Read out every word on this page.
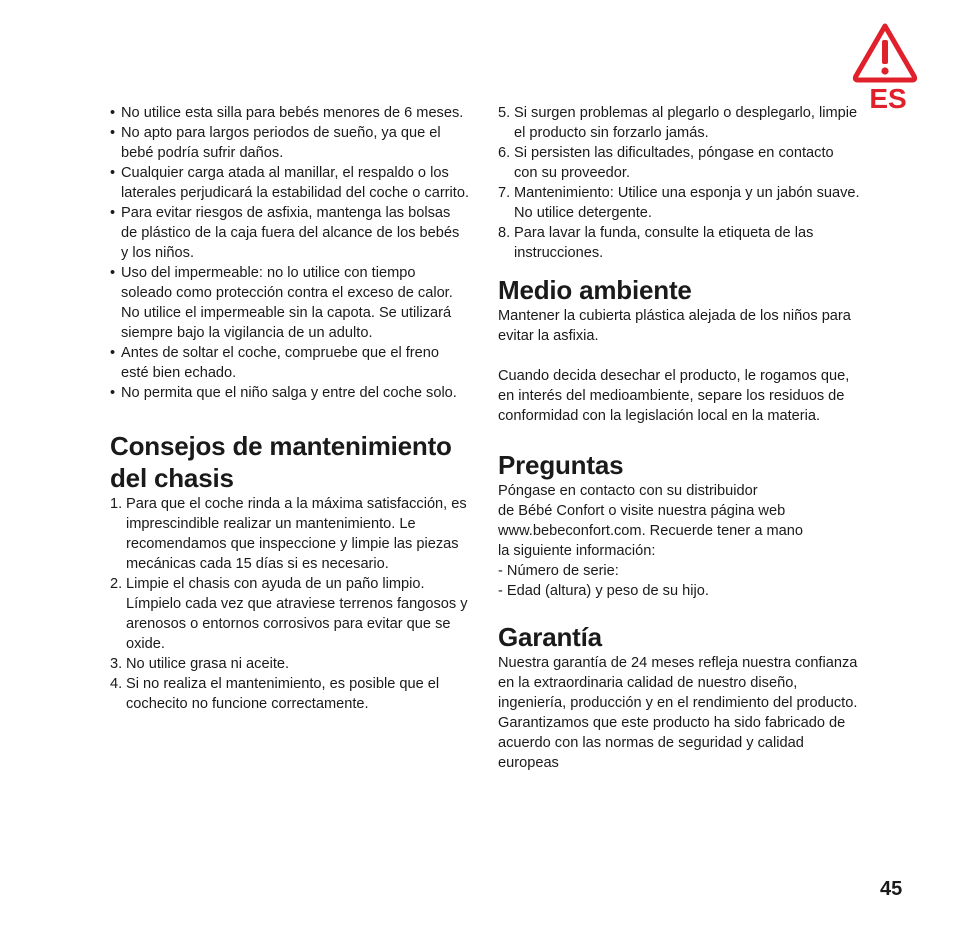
ES
• No utilice esta silla para bebés menores de 6 meses.
• No apto para largos periodos de sueño, ya que el bebé podría sufrir daños.
• Cualquier carga atada al manillar, el respaldo o los laterales perjudicará la estabilidad del coche o carrito.
• Para evitar riesgos de asfixia, mantenga las bolsas de plástico de la caja fuera del alcance de los bebés y los niños.
• Uso del impermeable: no lo utilice con tiempo soleado como protección contra el exceso de calor. No utilice el impermeable sin la capota. Se utilizará siempre bajo la vigilancia de un adulto.
• Antes de soltar el coche, compruebe que el freno esté bien echado.
• No permita que el niño salga y entre del coche solo.
Consejos de mantenimiento del chasis
1. Para que el coche rinda a la máxima satisfacción, es imprescindible realizar un mantenimiento. Le recomendamos que inspeccione y limpie las piezas mecánicas cada 15 días si es necesario.
2. Limpie el chasis con ayuda de un paño limpio. Límpielo cada vez que atraviese terrenos fangosos y arenosos o entornos corrosivos para evitar que se oxide.
3. No utilice grasa ni aceite.
4. Si no realiza el mantenimiento, es posible que el cochecito no funcione correctamente.
5. Si surgen problemas al plegarlo o desplegarlo, limpie el producto sin forzarlo jamás.
6. Si persisten las dificultades, póngase en contacto con su proveedor.
7. Mantenimiento: Utilice una esponja y un jabón suave. No utilice detergente.
8. Para lavar la funda, consulte la etiqueta de las instrucciones.
Medio ambiente

Mantener la cubierta plástica alejada de los niños para evitar la asfixia.

Cuando decida desechar el producto, le rogamos que, en interés del medioambiente, separe los residuos de conformidad con la legislación local en la materia.

Preguntas
Póngase en contacto con su distribuidor
de Bébé Confort o visite nuestra página web
www.bebeconfort.com. Recuerde tener a mano
la siguiente información:
- Número de serie:
- Edad (altura) y peso de su hijo.
Garantía

Nuestra garantía de 24 meses refleja nuestra confianza en la extraordinaria calidad de nuestro diseño, ingeniería, producción y en el rendimiento del producto. Garantizamos que este producto ha sido fabricado de acuerdo con las normas de seguridad y calidad europeas

45
